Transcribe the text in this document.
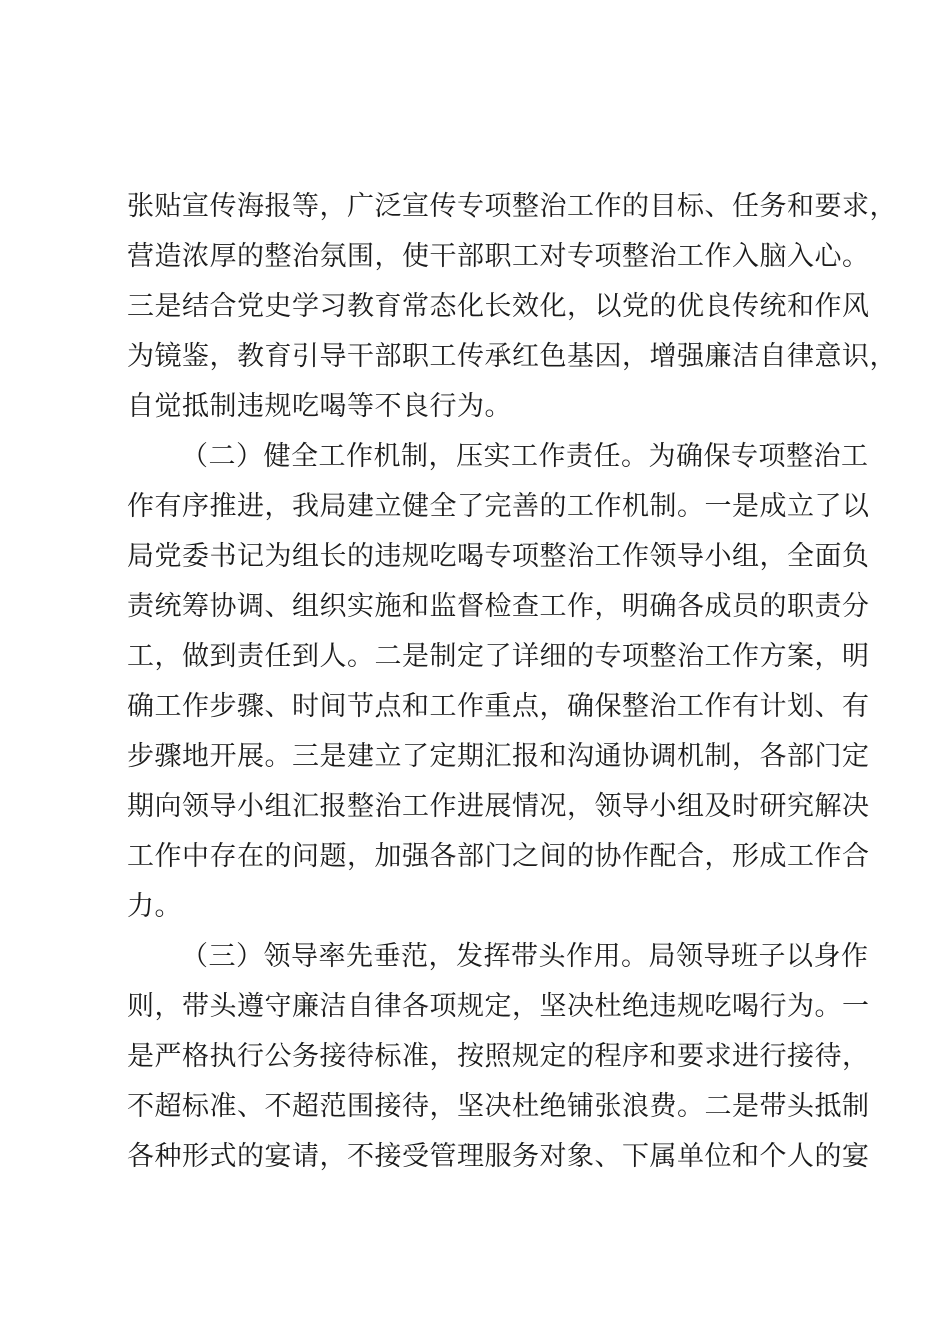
张贴宣传海报等，广泛宣传专项整治工作的目标、任务和要求，
营造浓厚的整治氛围，使干部职工对专项整治工作入脑入心。
三是结合党史学习教育常态化长效化，以党的优良传统和作风
为镜鉴，教育引导干部职工传承红色基因，增强廉洁自律意识，
自觉抵制违规吃喝等不良行为。
（二）健全工作机制，压实工作责任。为确保专项整治工
作有序推进，我局建立健全了完善的工作机制。一是成立了以
局党委书记为组长的违规吃喝专项整治工作领导小组，全面负
责统筹协调、组织实施和监督检查工作，明确各成员的职责分
工，做到责任到人。二是制定了详细的专项整治工作方案，明
确工作步骤、时间节点和工作重点，确保整治工作有计划、有
步骤地开展。三是建立了定期汇报和沟通协调机制，各部门定
期向领导小组汇报整治工作进展情况，领导小组及时研究解决
工作中存在的问题，加强各部门之间的协作配合，形成工作合
力。
（三）领导率先垂范，发挥带头作用。局领导班子以身作
则，带头遵守廉洁自律各项规定，坚决杜绝违规吃喝行为。一
是严格执行公务接待标准，按照规定的程序和要求进行接待，
不超标准、不超范围接待，坚决杜绝铺张浪费。二是带头抵制
各种形式的宴请，不接受管理服务对象、下属单位和个人的宴
